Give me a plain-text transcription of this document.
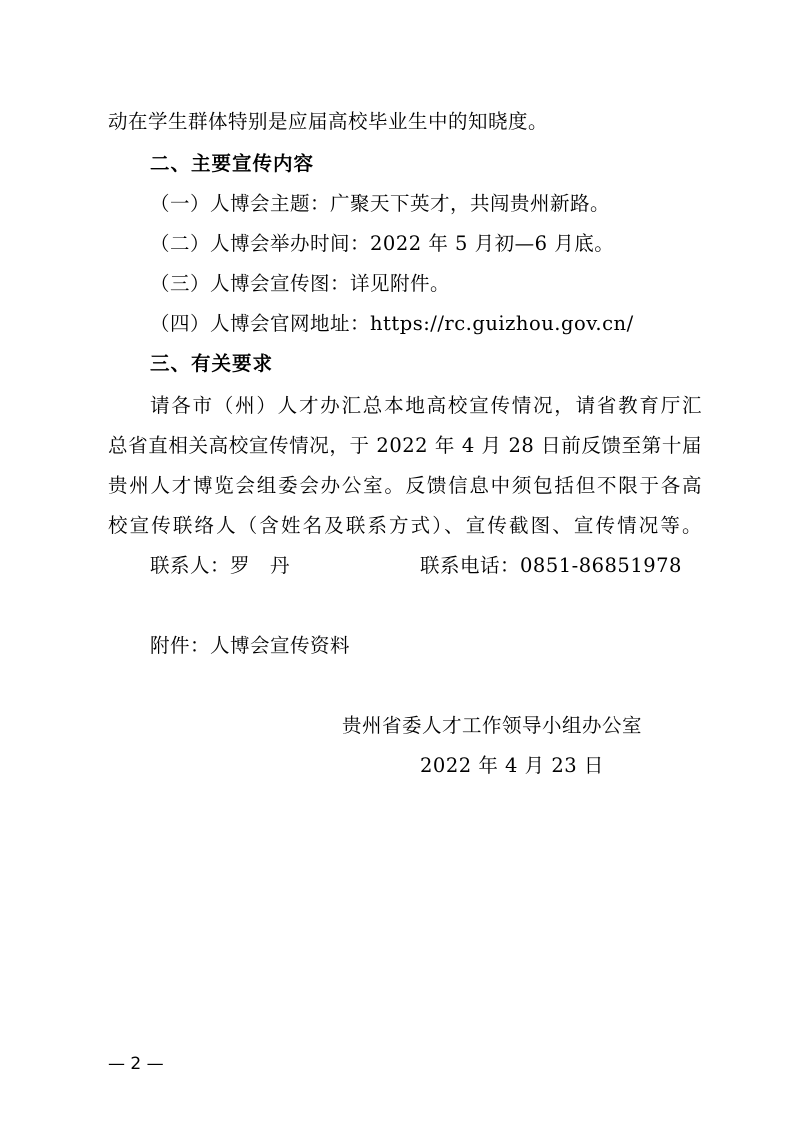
动在学生群体特别是应届高校毕业生中的知晓度。
二、主要宣传内容
（一）人博会主题：广聚天下英才，共闯贵州新路。
（二）人博会举办时间：2022 年 5 月初—6 月底。
（三）人博会宣传图：详见附件。
（四）人博会官网地址：https://rc.guizhou.gov.cn/
三、有关要求
请各市（州）人才办汇总本地高校宣传情况，请省教育厅汇
总省直相关高校宣传情况，于 2022 年 4 月 28 日前反馈至第十届
贵州人才博览会组委会办公室。反馈信息中须包括但不限于各高
校宣传联络人（含姓名及联系方式）、宣传截图、宣传情况等。
联系人：罗　丹	联系电话：0851-86851978
附件：人博会宣传资料
贵州省委人才工作领导小组办公室
2022 年 4 月 23 日
— 2 —
